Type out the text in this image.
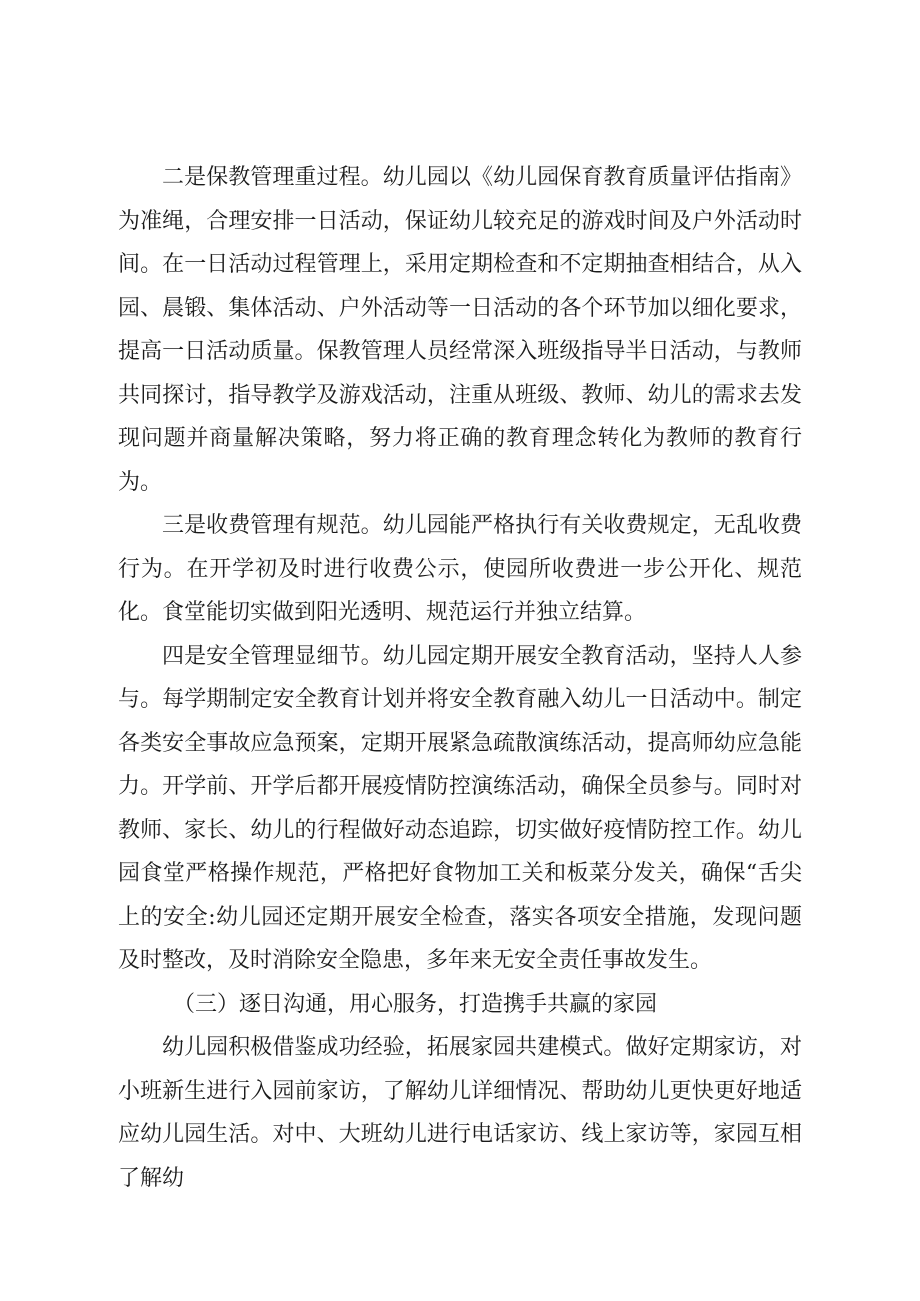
二是保教管理重过程。幼儿园以《幼儿园保育教育质量评估指南》为准绳，合理安排一日活动，保证幼儿较充足的游戏时间及户外活动时间。在一日活动过程管理上，采用定期检查和不定期抽查相结合，从入园、晨锻、集体活动、户外活动等一日活动的各个环节加以细化要求，提高一日活动质量。保教管理人员经常深入班级指导半日活动，与教师共同探讨，指导教学及游戏活动，注重从班级、教师、幼儿的需求去发现问题并商量解决策略，努力将正确的教育理念转化为教师的教育行为。

三是收费管理有规范。幼儿园能严格执行有关收费规定，无乱收费行为。在开学初及时进行收费公示，使园所收费进一步公开化、规范化。食堂能切实做到阳光透明、规范运行并独立结算。

四是安全管理显细节。幼儿园定期开展安全教育活动，坚持人人参与。每学期制定安全教育计划并将安全教育融入幼儿一日活动中。制定各类安全事故应急预案，定期开展紧急疏散演练活动，提高师幼应急能力。开学前、开学后都开展疫情防控演练活动，确保全员参与。同时对教师、家长、幼儿的行程做好动态追踪，切实做好疫情防控工作。幼儿园食堂严格操作规范，严格把好食物加工关和板菜分发关，确保“舌尖上的安全:幼儿园还定期开展安全检查，落实各项安全措施，发现问题及时整改，及时消除安全隐患，多年来无安全责任事故发生。

（三）逐日沟通，用心服务，打造携手共赢的家园

幼儿园积极借鉴成功经验，拓展家园共建模式。做好定期家访，对小班新生进行入园前家访，了解幼儿详细情况、帮助幼儿更快更好地适应幼儿园生活。对中、大班幼儿进行电话家访、线上家访等，家园互相了解幼
